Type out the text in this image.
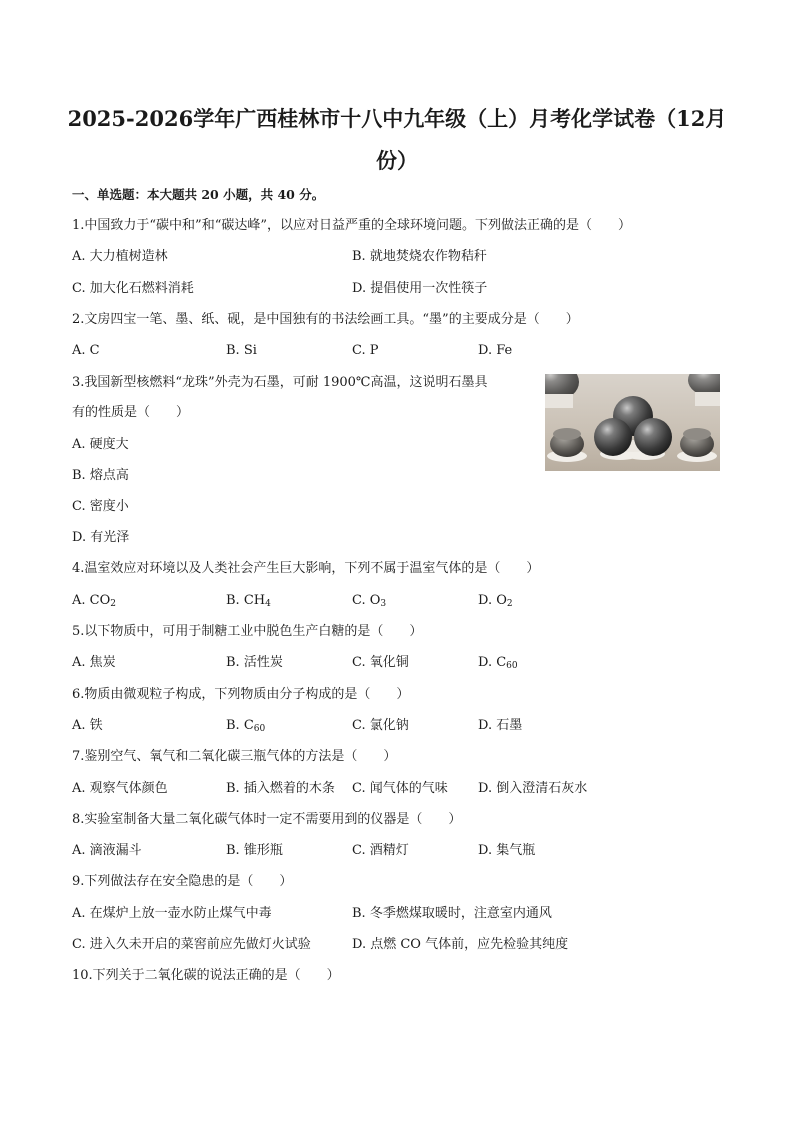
2025-2026学年广西桂林市十八中九年级（上）月考化学试卷（12月
份）
一、单选题：本大题共 20 小题，共 40 分。
1.中国致力于“碳中和”和“碳达峰”，以应对日益严重的全球环境问题。下列做法正确的是（　　）
A. 大力植树造林	B. 就地焚烧农作物秸秆
C. 加大化石燃料消耗	D. 提倡使用一次性筷子
2.文房四宝一笔、墨、纸、砚，是中国独有的书法绘画工具。“墨”的主要成分是（　　）
A. C	B. Si	C. P	D. Fe
3.我国新型核燃料“龙珠”外壳为石墨，可耐 1900℃高温，这说明石墨具
有的性质是（　　）
A. 硬度大
B. 熔点高
C. 密度小
D. 有光泽
4.温室效应对环境以及人类社会产生巨大影响，下列不属于温室气体的是（　　）
A. $CO_2$	B. $CH_4$	C. $O_3$	D. $O_2$
5.以下物质中，可用于制糖工业中脱色生产白糖的是（　　）
A. 焦炭	B. 活性炭	C. 氧化铜	D. $C_{60}$
6.物质由微观粒子构成，下列物质由分子构成的是（　　）
A. 铁	B. $C_{60}$	C. 氯化钠	D. 石墨
7.鉴别空气、氧气和二氧化碳三瓶气体的方法是（　　）
A. 观察气体颜色	B. 插入燃着的木条 C. 闻气体的气味 D. 倒入澄清石灰水
8.实验室制备大量二氧化碳气体时一定不需要用到的仪器是（　　）
A. 滴液漏斗	B. 锥形瓶	C. 酒精灯	D. 集气瓶
9.下列做法存在安全隐患的是（　　）
A. 在煤炉上放一壶水防止煤气中毒	B. 冬季燃煤取暖时，注意室内通风
C. 进入久未开启的菜窖前应先做灯火试验	D. 点燃 CO 气体前，应先检验其纯度
10.下列关于二氧化碳的说法正确的是（　　）
